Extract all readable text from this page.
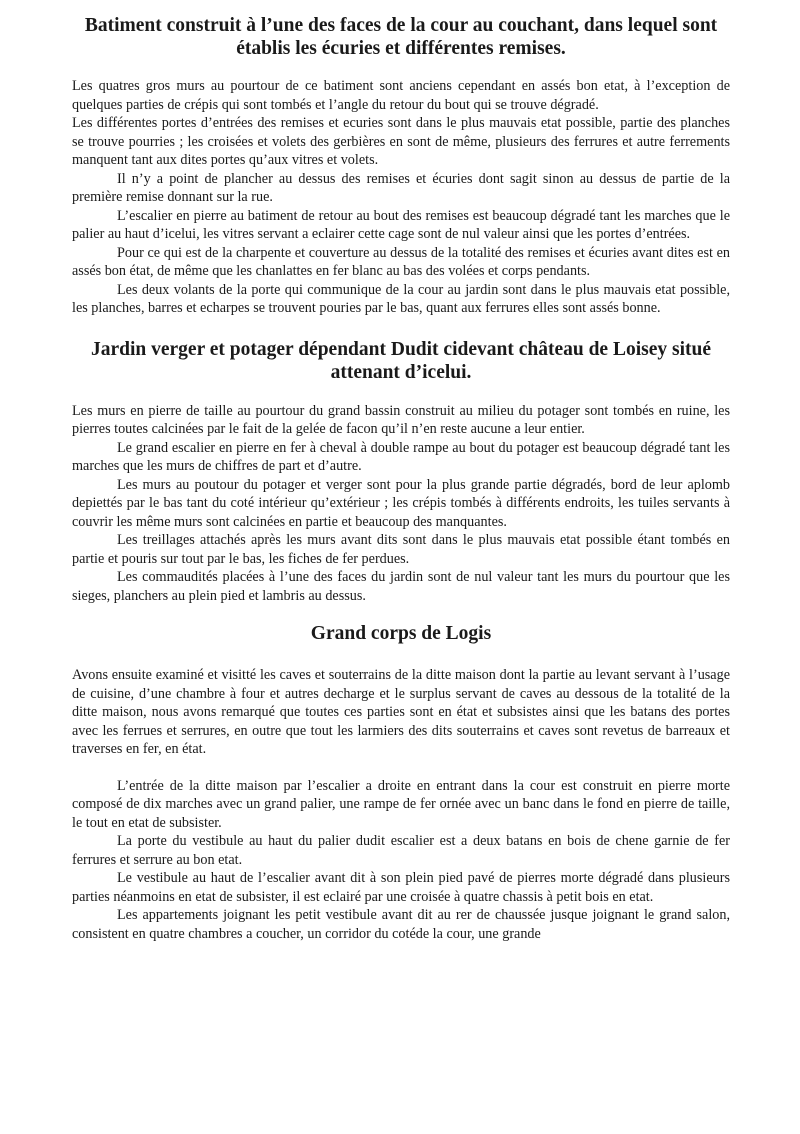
Batiment construit à l’une des faces de la cour au couchant, dans lequel sont établis les écuries et différentes remises.

Les quatres gros murs au pourtour de ce batiment sont anciens cependant en assés bon etat, à l’exception de quelques parties de crépis qui sont tombés et l’angle du retour du bout qui se trouve dégradé.

Les différentes portes d’entrées des remises et ecuries sont dans le plus mauvais etat possible, partie des planches se trouve pourries ; les croisées et volets des gerbières en sont de même, plusieurs des ferrures et autre ferrements manquent tant aux dites portes qu’aux vitres et volets.

Il n’y a point de plancher au dessus des remises et écuries dont sagit sinon au dessus de partie de la première remise donnant sur la rue.

L’escalier en pierre au batiment de retour au bout des remises est beaucoup dégradé tant les marches que le palier au haut d’icelui, les vitres servant a eclairer cette cage sont de nul valeur ainsi que les portes d’entrées.

Pour ce qui est de la charpente et couverture au dessus de la totalité des remises et écuries avant dites est en assés bon état, de même que les chanlattes en fer blanc au bas des volées et corps pendants.

Les deux volants de la porte qui communique de la cour au jardin sont dans le plus mauvais etat possible, les planches, barres et echarpes se trouvent pouries par le bas, quant aux ferrures elles sont assés bonne.

Jardin verger et potager dépendant Dudit cidevant château de Loisey situé attenant d’icelui.

Les murs en pierre de taille au pourtour du grand bassin construit au milieu du potager sont tombés en ruine, les pierres toutes calcinées par le fait de la gelée de facon qu’il n’en reste aucune a leur entier.

Le grand escalier en pierre en fer à cheval à double rampe au bout du potager est beaucoup dégradé tant les marches que les murs de chiffres de part et d’autre.

Les murs au poutour du potager et verger sont pour la plus grande partie dégradés, bord de leur aplomb depiettés par le bas tant du coté intérieur qu’extérieur ; les crépis tombés à différents endroits, les tuiles servants à couvrir les même murs sont calcinées en partie et beaucoup des manquantes.

Les treillages attachés après les murs avant dits sont dans le plus mauvais etat possible étant tombés en partie et pouris sur tout par le bas, les fiches de fer perdues.

Les commaudités placées à l’une des faces du jardin sont de nul valeur tant les murs du pourtour que les sieges, planchers au plein pied et lambris au dessus.

Grand corps de Logis

Avons ensuite examiné et visitté les caves et souterrains de la ditte maison dont la partie au levant servant à l’usage de cuisine, d’une chambre à four et autres decharge et le surplus servant de caves au dessous de la totalité de la ditte maison, nous avons remarqué que toutes ces parties sont en état et subsistes ainsi que les batans des portes avec les ferrues et serrures, en outre que tout les larmiers des dits souterrains et caves sont revetus de barreaux et traverses en fer, en état.

L’entrée de la ditte maison par l’escalier a droite en entrant dans la cour est construit en pierre morte composé de dix marches avec un grand palier, une rampe de fer ornée avec un banc dans le fond en pierre de taille, le tout en etat de subsister.

La porte du vestibule au haut du palier dudit escalier est a deux batans en bois de chene garnie de fer ferrures et serrure au bon etat.

Le vestibule au haut de l’escalier avant dit à son plein pied pavé de pierres morte dégradé dans plusieurs parties néanmoins en etat de subsister, il est eclairé par une croisée à quatre chassis à petit bois en etat.

Les appartements joignant les petit vestibule avant dit au rer de chaussée jusque joignant le grand salon, consistent en quatre chambres a coucher, un corridor du cotéde la cour, une grande
